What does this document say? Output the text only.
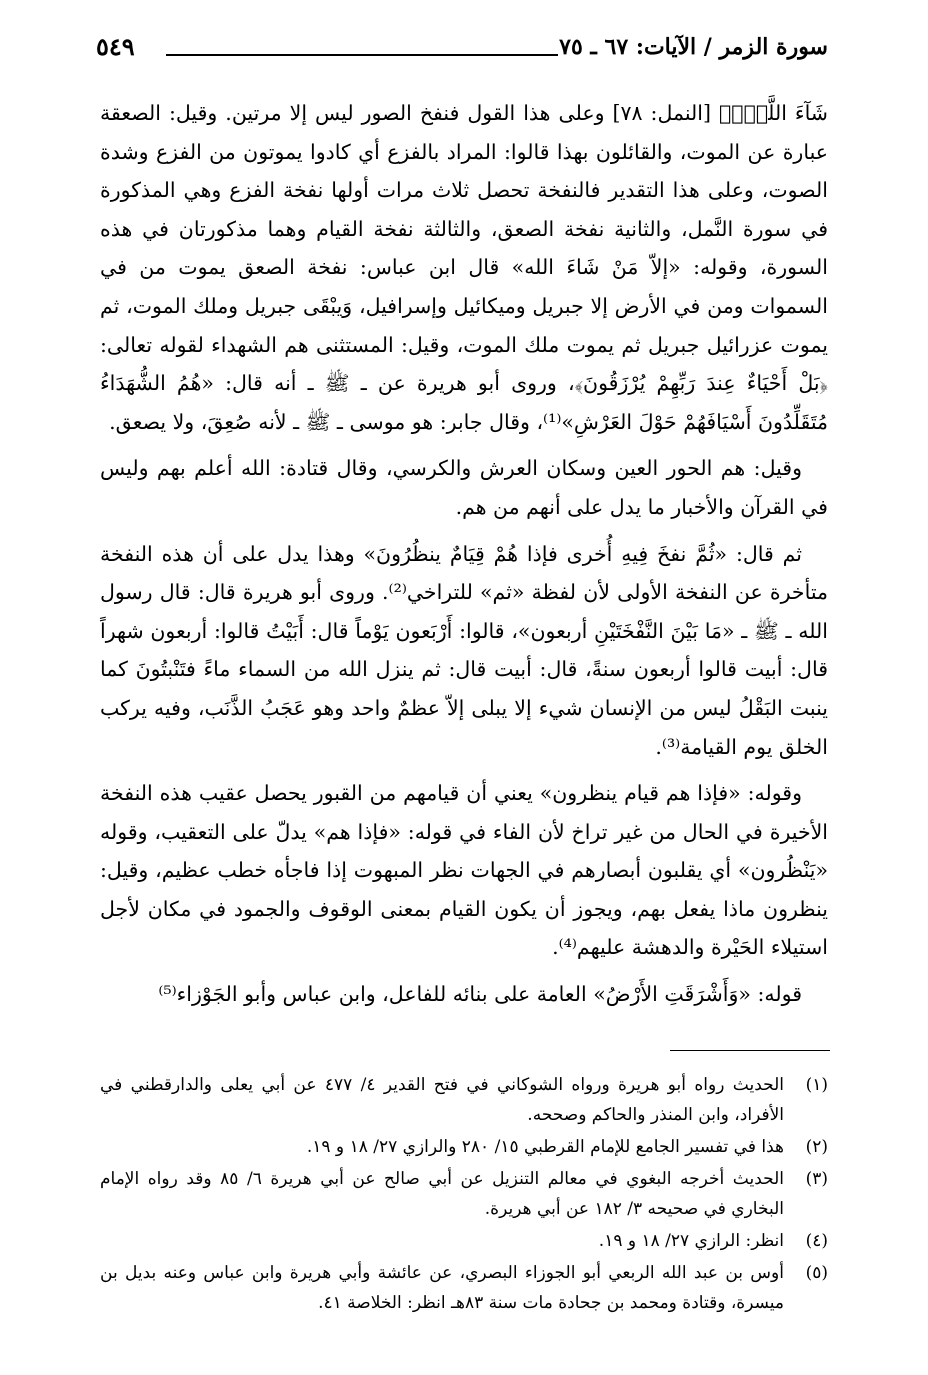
سورة الزمر / الآيات: ٦٧ ـ ٧٥
٥٤٩

شَآءَ اللَّهُۚ﴾ [النمل: ٧٨] وعلى هذا القول فنفخ الصور ليس إلا مرتين. وقيل: الصعقة عبارة عن الموت، والقائلون بهذا قالوا: المراد بالفزع أي كادوا يموتون من الفزع وشدة الصوت، وعلى هذا التقدير فالنفخة تحصل ثلاث مرات أولها نفخة الفزع وهي المذكورة في سورة النَّمل، والثانية نفخة الصعق، والثالثة نفخة القيام وهما مذكورتان في هذه السورة، وقوله: «إلاّ مَنْ شَاءَ الله» قال ابن عباس: نفخة الصعق يموت من في السموات ومن في الأرض إلا جبريل وميكائيل وإسرافيل، وَيبْقَى جبريل وملك الموت، ثم يموت عزرائيل جبريل ثم يموت ملك الموت، وقيل: المستثنى هم الشهداء لقوله تعالى: ﴿بَلْ أَحْيَاءٌ عِندَ رَبِّهِمْ يُرْزَقُونَ﴾، وروى أبو هريرة عن ـ ﷺ ـ أنه قال: «هُمُ الشُّهَدَاءُ مُتَقَلِّدُونَ أَسْيَافَهُمْ حَوْلَ العَرْشِ»⁽¹⁾، وقال جابر: هو موسى ـ ﷺ ـ لأنه صُعِقَ، ولا يصعق.

وقيل: هم الحور العين وسكان العرش والكرسي، وقال قتادة: الله أعلم بهم وليس في القرآن والأخبار ما يدل على أنهم من هم.

ثم قال: «ثُمَّ نفخَ فِيهِ أُخرى فإذا هُمْ قِيَامٌ ينظُرُونَ» وهذا يدل على أن هذه النفخة متأخرة عن النفخة الأولى لأن لفظة «ثم» للتراخي⁽²⁾. وروى أبو هريرة قال: قال رسول الله ـ ﷺ ـ «مَا بَيْنَ النَّفْخَتَيْنِ أربعون»، قالوا: أَرْبَعون يَوْماً قال: أَبَيْتُ قالوا: أربعون شهراً قال: أبيت قالوا أربعون سنةً، قال: أبيت قال: ثم ينزل الله من السماء ماءً فتَنْبتُونَ كما ينبت البَقْلُ ليس من الإنسان شيء إلا يبلى إلاّ عظمٌ واحد وهو عَجَبُ الذَّنَب، وفيه يركب الخلق يوم القيامة⁽³⁾.

وقوله: «فإذا هم قيام ينظرون» يعني أن قيامهم من القبور يحصل عقيب هذه النفخة الأخيرة في الحال من غير تراخ لأن الفاء في قوله: «فإذا هم» يدلّ على التعقيب، وقوله «يَنْظُرون» أي يقلبون أبصارهم في الجهات نظر المبهوت إذا فاجأه خطب عظيم، وقيل: ينظرون ماذا يفعل بهم، ويجوز أن يكون القيام بمعنى الوقوف والجمود في مكان لأجل استيلاء الحَيْرة والدهشة عليهم⁽⁴⁾.

قوله: «وَأَشْرَقَتِ الأَرْضُ» العامة على بنائه للفاعل، وابن عباس وأبو الجَوْزاء⁽⁵⁾

(١)
الحديث رواه أبو هريرة ورواه الشوكاني في فتح القدير ٤/ ٤٧٧ عن أبي يعلى والدارقطني في الأفراد، وابن المنذر والحاكم وصححه.
(٢)
هذا في تفسير الجامع للإمام القرطبي ١٥/ ٢٨٠ والرازي ٢٧/ ١٨ و ١٩.
(٣)
الحديث أخرجه البغوي في معالم التنزيل عن أبي صالح عن أبي هريرة ٦/ ٨٥ وقد رواه الإمام البخاري في صحيحه ٣/ ١٨٢ عن أبي هريرة.
(٤)
انظر: الرازي ٢٧/ ١٨ و ١٩.
(٥)
أوس بن عبد الله الربعي أبو الجوزاء البصري، عن عائشة وأبي هريرة وابن عباس وعنه بديل بن ميسرة، وقتادة ومحمد بن جحادة مات سنة ٨٣هـ انظر: الخلاصة ٤١.
